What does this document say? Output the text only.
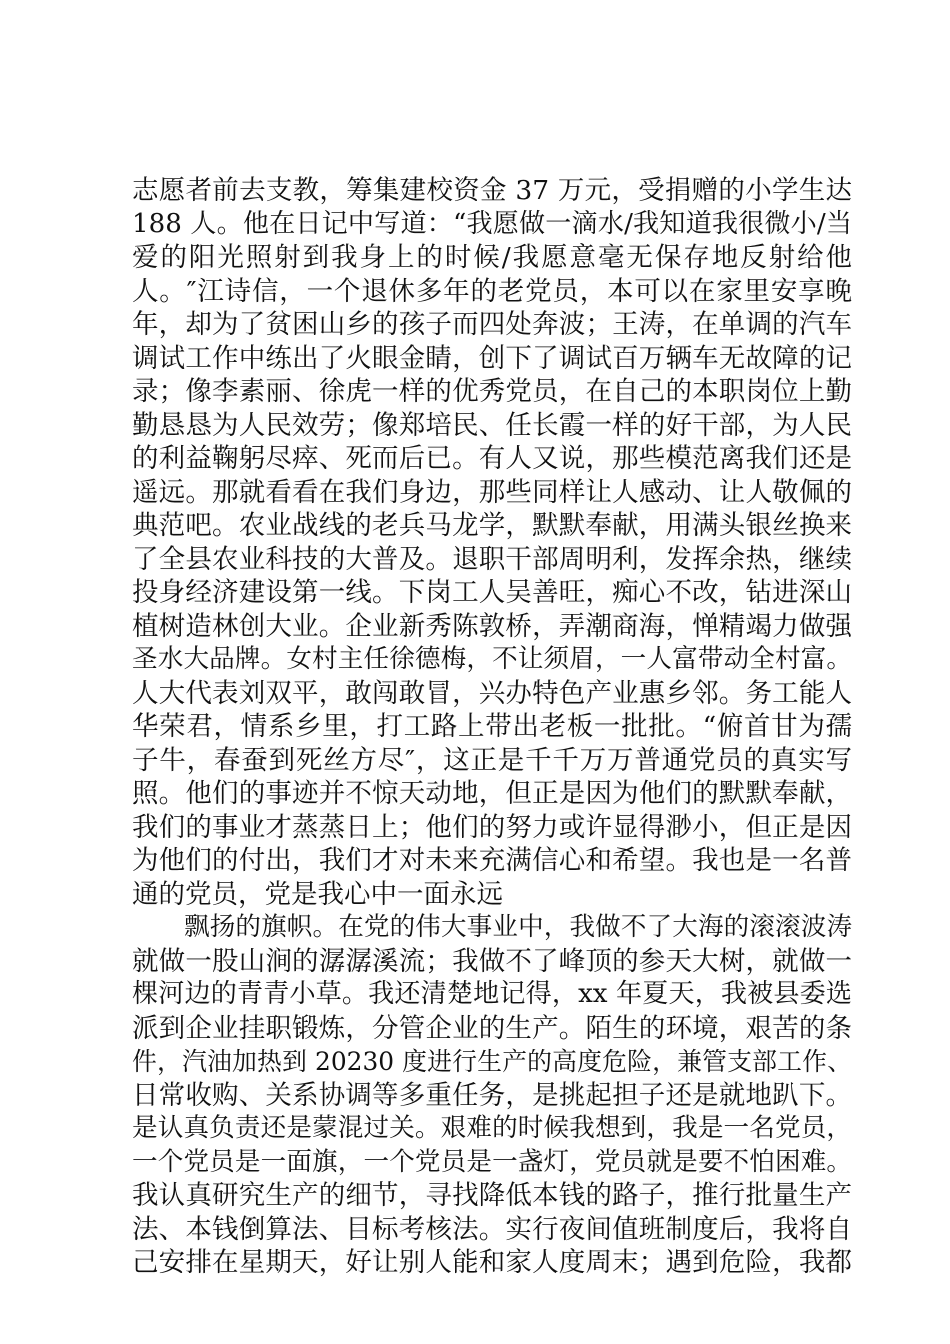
志愿者前去支教，筹集建校资金 37 万元，受捐赠的小学生达
188 人。他在日记中写道：“我愿做一滴水/我知道我很微小/当
爱的阳光照射到我身上的时候/我愿意毫无保存地反射给他
人。″江诗信，一个退休多年的老党员，本可以在家里安享晚
年，却为了贫困山乡的孩子而四处奔波；王涛，在单调的汽车
调试工作中练出了火眼金睛，创下了调试百万辆车无故障的记
录；像李素丽、徐虎一样的优秀党员，在自己的本职岗位上勤
勤恳恳为人民效劳；像郑培民、任长霞一样的好干部，为人民
的利益鞠躬尽瘁、死而后已。有人又说，那些模范离我们还是
遥远。那就看看在我们身边，那些同样让人感动、让人敬佩的
典范吧。农业战线的老兵马龙学，默默奉献，用满头银丝换来
了全县农业科技的大普及。退职干部周明利，发挥余热，继续
投身经济建设第一线。下岗工人吴善旺，痴心不改，钻进深山
植树造林创大业。企业新秀陈敦桥，弄潮商海，惮精竭力做强
圣水大品牌。女村主任徐德梅，不让须眉，一人富带动全村富。
人大代表刘双平，敢闯敢冒，兴办特色产业惠乡邻。务工能人
华荣君，情系乡里，打工路上带出老板一批批。“俯首甘为孺
子牛，春蚕到死丝方尽″，这正是千千万万普通党员的真实写
照。他们的事迹并不惊天动地，但正是因为他们的默默奉献，
我们的事业才蒸蒸日上；他们的努力或许显得渺小，但正是因
为他们的付出，我们才对未来充满信心和希望。我也是一名普
通的党员，党是我心中一面永远
飘扬的旗帜。在党的伟大事业中，我做不了大海的滚滚波涛
就做一股山涧的潺潺溪流；我做不了峰顶的参天大树，就做一
棵河边的青青小草。我还清楚地记得，xx 年夏天，我被县委选
派到企业挂职锻炼，分管企业的生产。陌生的环境，艰苦的条
件，汽油加热到 20230 度进行生产的高度危险，兼管支部工作、
日常收购、关系协调等多重任务，是挑起担子还是就地趴下。
是认真负责还是蒙混过关。艰难的时候我想到，我是一名党员，
一个党员是一面旗，一个党员是一盏灯，党员就是要不怕困难。
我认真研究生产的细节，寻找降低本钱的路子，推行批量生产
法、本钱倒算法、目标考核法。实行夜间值班制度后，我将自
己安排在星期天，好让别人能和家人度周末；遇到危险，我都
